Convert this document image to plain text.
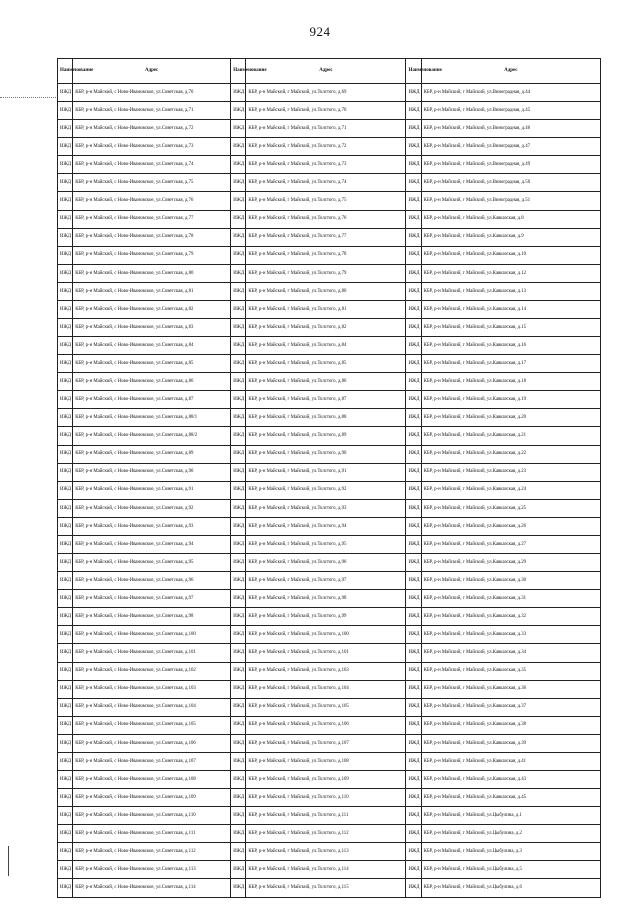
924
Наименование	Адрес	Наименование	Адрес	Наименование	Адрес
ИЖД	КБР, р-н Майский, с Ново-Ивановское, ул.Советская, д.70	ИЖД	КБР, р-н Майский, г Майский, ул.Толстого, д.69	ИЖД	КБР, р-н Майский, г Майский, ул.Виноградная, д.44
ИЖД	КБР, р-н Майский, с Ново-Ивановское, ул.Советская, д.71	ИЖД	КБР, р-н Майский, г Майский, ул.Толстого, д.70	ИЖД	КБР, р-н Майский, г Майский, ул.Виноградная, д.45
ИЖД	КБР, р-н Майский, с Ново-Ивановское, ул.Советская, д.72	ИЖД	КБР, р-н Майский, г Майский, ул.Толстого, д.71	ИЖД	КБР, р-н Майский, г Майский, ул.Виноградная, д.46
ИЖД	КБР, р-н Майский, с Ново-Ивановское, ул.Советская, д.73	ИЖД	КБР, р-н Майский, г Майский, ул.Толстого, д.72	ИЖД	КБР, р-н Майский, г Майский, ул.Виноградная, д.47
ИЖД	КБР, р-н Майский, с Ново-Ивановское, ул.Советская, д.74	ИЖД	КБР, р-н Майский, г Майский, ул.Толстого, д.73	ИЖД	КБР, р-н Майский, г Майский, ул.Виноградная, д.49
ИЖД	КБР, р-н Майский, с Ново-Ивановское, ул.Советская, д.75	ИЖД	КБР, р-н Майский, г Майский, ул.Толстого, д.74	ИЖД	КБР, р-н Майский, г Майский, ул.Виноградная, д.50
ИЖД	КБР, р-н Майский, с Ново-Ивановское, ул.Советская, д.76	ИЖД	КБР, р-н Майский, г Майский, ул.Толстого, д.75	ИЖД	КБР, р-н Майский, г Майский, ул.Виноградная, д.51
ИЖД	КБР, р-н Майский, с Ново-Ивановское, ул.Советская, д.77	ИЖД	КБР, р-н Майский, г Майский, ул.Толстого, д.76	ИЖД	КБР, р-н Майский, г Майский, ул.Кавказская, д.8
ИЖД	КБР, р-н Майский, с Ново-Ивановское, ул.Советская, д.78	ИЖД	КБР, р-н Майский, г Майский, ул.Толстого, д.77	ИЖД	КБР, р-н Майский, г Майский, ул.Кавказская, д.9
ИЖД	КБР, р-н Майский, с Ново-Ивановское, ул.Советская, д.79	ИЖД	КБР, р-н Майский, г Майский, ул.Толстого, д.78	ИЖД	КБР, р-н Майский, г Майский, ул.Кавказская, д.10
ИЖД	КБР, р-н Майский, с Ново-Ивановское, ул.Советская, д.80	ИЖД	КБР, р-н Майский, г Майский, ул.Толстого, д.79	ИЖД	КБР, р-н Майский, г Майский, ул.Кавказская, д.12
ИЖД	КБР, р-н Майский, с Ново-Ивановское, ул.Советская, д.81	ИЖД	КБР, р-н Майский, г Майский, ул.Толстого, д.80	ИЖД	КБР, р-н Майский, г Майский, ул.Кавказская, д.13
ИЖД	КБР, р-н Майский, с Ново-Ивановское, ул.Советская, д.82	ИЖД	КБР, р-н Майский, г Майский, ул.Толстого, д.81	ИЖД	КБР, р-н Майский, г Майский, ул.Кавказская, д.14
ИЖД	КБР, р-н Майский, с Ново-Ивановское, ул.Советская, д.83	ИЖД	КБР, р-н Майский, г Майский, ул.Толстого, д.82	ИЖД	КБР, р-н Майский, г Майский, ул.Кавказская, д.15
ИЖД	КБР, р-н Майский, с Ново-Ивановское, ул.Советская, д.84	ИЖД	КБР, р-н Майский, г Майский, ул.Толстого, д.84	ИЖД	КБР, р-н Майский, г Майский, ул.Кавказская, д.16
ИЖД	КБР, р-н Майский, с Ново-Ивановское, ул.Советская, д.85	ИЖД	КБР, р-н Майский, г Майский, ул.Толстого, д.85	ИЖД	КБР, р-н Майский, г Майский, ул.Кавказская, д.17
ИЖД	КБР, р-н Майский, с Ново-Ивановское, ул.Советская, д.86	ИЖД	КБР, р-н Майский, г Майский, ул.Толстого, д.86	ИЖД	КБР, р-н Майский, г Майский, ул.Кавказская, д.18
ИЖД	КБР, р-н Майский, с Ново-Ивановское, ул.Советская, д.87	ИЖД	КБР, р-н Майский, г Майский, ул.Толстого, д.87	ИЖД	КБР, р-н Майский, г Майский, ул.Кавказская, д.19
ИЖД	КБР, р-н Майский, с Ново-Ивановское, ул.Советская, д.88/1	ИЖД	КБР, р-н Майский, г Майский, ул.Толстого, д.88	ИЖД	КБР, р-н Майский, г Майский, ул.Кавказская, д.20
ИЖД	КБР, р-н Майский, с Ново-Ивановское, ул.Советская, д.88/2	ИЖД	КБР, р-н Майский, г Майский, ул.Толстого, д.89	ИЖД	КБР, р-н Майский, г Майский, ул.Кавказская, д.21
ИЖД	КБР, р-н Майский, с Ново-Ивановское, ул.Советская, д.89	ИЖД	КБР, р-н Майский, г Майский, ул.Толстого, д.90	ИЖД	КБР, р-н Майский, г Майский, ул.Кавказская, д.22
ИЖД	КБР, р-н Майский, с Ново-Ивановское, ул.Советская, д.90	ИЖД	КБР, р-н Майский, г Майский, ул.Толстого, д.91	ИЖД	КБР, р-н Майский, г Майский, ул.Кавказская, д.23
ИЖД	КБР, р-н Майский, с Ново-Ивановское, ул.Советская, д.91	ИЖД	КБР, р-н Майский, г Майский, ул.Толстого, д.92	ИЖД	КБР, р-н Майский, г Майский, ул.Кавказская, д.24
ИЖД	КБР, р-н Майский, с Ново-Ивановское, ул.Советская, д.92	ИЖД	КБР, р-н Майский, г Майский, ул.Толстого, д.93	ИЖД	КБР, р-н Майский, г Майский, ул.Кавказская, д.25
ИЖД	КБР, р-н Майский, с Ново-Ивановское, ул.Советская, д.93	ИЖД	КБР, р-н Майский, г Майский, ул.Толстого, д.94	ИЖД	КБР, р-н Майский, г Майский, ул.Кавказская, д.26
ИЖД	КБР, р-н Майский, с Ново-Ивановское, ул.Советская, д.94	ИЖД	КБР, р-н Майский, г Майский, ул.Толстого, д.95	ИЖД	КБР, р-н Майский, г Майский, ул.Кавказская, д.27
ИЖД	КБР, р-н Майский, с Ново-Ивановское, ул.Советская, д.95	ИЖД	КБР, р-н Майский, г Майский, ул.Толстого, д.96	ИЖД	КБР, р-н Майский, г Майский, ул.Кавказская, д.29
ИЖД	КБР, р-н Майский, с Ново-Ивановское, ул.Советская, д.96	ИЖД	КБР, р-н Майский, г Майский, ул.Толстого, д.97	ИЖД	КБР, р-н Майский, г Майский, ул.Кавказская, д.30
ИЖД	КБР, р-н Майский, с Ново-Ивановское, ул.Советская, д.97	ИЖД	КБР, р-н Майский, г Майский, ул.Толстого, д.98	ИЖД	КБР, р-н Майский, г Майский, ул.Кавказская, д.31
ИЖД	КБР, р-н Майский, с Ново-Ивановское, ул.Советская, д.98	ИЖД	КБР, р-н Майский, г Майский, ул.Толстого, д.99	ИЖД	КБР, р-н Майский, г Майский, ул.Кавказская, д.32
ИЖД	КБР, р-н Майский, с Ново-Ивановское, ул.Советская, д.100	ИЖД	КБР, р-н Майский, г Майский, ул.Толстого, д.100	ИЖД	КБР, р-н Майский, г Майский, ул.Кавказская, д.33
ИЖД	КБР, р-н Майский, с Ново-Ивановское, ул.Советская, д.101	ИЖД	КБР, р-н Майский, г Майский, ул.Толстого, д.101	ИЖД	КБР, р-н Майский, г Майский, ул.Кавказская, д.34
ИЖД	КБР, р-н Майский, с Ново-Ивановское, ул.Советская, д.102	ИЖД	КБР, р-н Майский, г Майский, ул.Толстого, д.103	ИЖД	КБР, р-н Майский, г Майский, ул.Кавказская, д.35
ИЖД	КБР, р-н Майский, с Ново-Ивановское, ул.Советская, д.103	ИЖД	КБР, р-н Майский, г Майский, ул.Толстого, д.104	ИЖД	КБР, р-н Майский, г Майский, ул.Кавказская, д.36
ИЖД	КБР, р-н Майский, с Ново-Ивановское, ул.Советская, д.104	ИЖД	КБР, р-н Майский, г Майский, ул.Толстого, д.105	ИЖД	КБР, р-н Майский, г Майский, ул.Кавказская, д.37
ИЖД	КБР, р-н Майский, с Ново-Ивановское, ул.Советская, д.105	ИЖД	КБР, р-н Майский, г Майский, ул.Толстого, д.106	ИЖД	КБР, р-н Майский, г Майский, ул.Кавказская, д.38
ИЖД	КБР, р-н Майский, с Ново-Ивановское, ул.Советская, д.106	ИЖД	КБР, р-н Майский, г Майский, ул.Толстого, д.107	ИЖД	КБР, р-н Майский, г Майский, ул.Кавказская, д.39
ИЖД	КБР, р-н Майский, с Ново-Ивановское, ул.Советская, д.107	ИЖД	КБР, р-н Майский, г Майский, ул.Толстого, д.108	ИЖД	КБР, р-н Майский, г Майский, ул.Кавказская, д.41
ИЖД	КБР, р-н Майский, с Ново-Ивановское, ул.Советская, д.108	ИЖД	КБР, р-н Майский, г Майский, ул.Толстого, д.109	ИЖД	КБР, р-н Майский, г Майский, ул.Кавказская, д.43
ИЖД	КБР, р-н Майский, с Ново-Ивановское, ул.Советская, д.109	ИЖД	КБР, р-н Майский, г Майский, ул.Толстого, д.110	ИЖД	КБР, р-н Майский, г Майский, ул.Кавказская, д.45
ИЖД	КБР, р-н Майский, с Ново-Ивановское, ул.Советская, д.110	ИЖД	КБР, р-н Майский, г Майский, ул.Толстого, д.111	ИЖД	КБР, р-н Майский, г Майский, ул.Цыбулина, д.1
ИЖД	КБР, р-н Майский, с Ново-Ивановское, ул.Советская, д.111	ИЖД	КБР, р-н Майский, г Майский, ул.Толстого, д.112	ИЖД	КБР, р-н Майский, г Майский, ул.Цыбулина, д.2
ИЖД	КБР, р-н Майский, с Ново-Ивановское, ул.Советская, д.112	ИЖД	КБР, р-н Майский, г Майский, ул.Толстого, д.113	ИЖД	КБР, р-н Майский, г Майский, ул.Цыбулина, д.3
ИЖД	КБР, р-н Майский, с Ново-Ивановское, ул.Советская, д.113	ИЖД	КБР, р-н Майский, г Майский, ул.Толстого, д.114	ИЖД	КБР, р-н Майский, г Майский, ул.Цыбулина, д.5
ИЖД	КБР, р-н Майский, с Ново-Ивановское, ул.Советская, д.114	ИЖД	КБР, р-н Майский, г Майский, ул.Толстого, д.115	ИЖД	КБР, р-н Майский, г Майский, ул.Цыбулина, д.6
